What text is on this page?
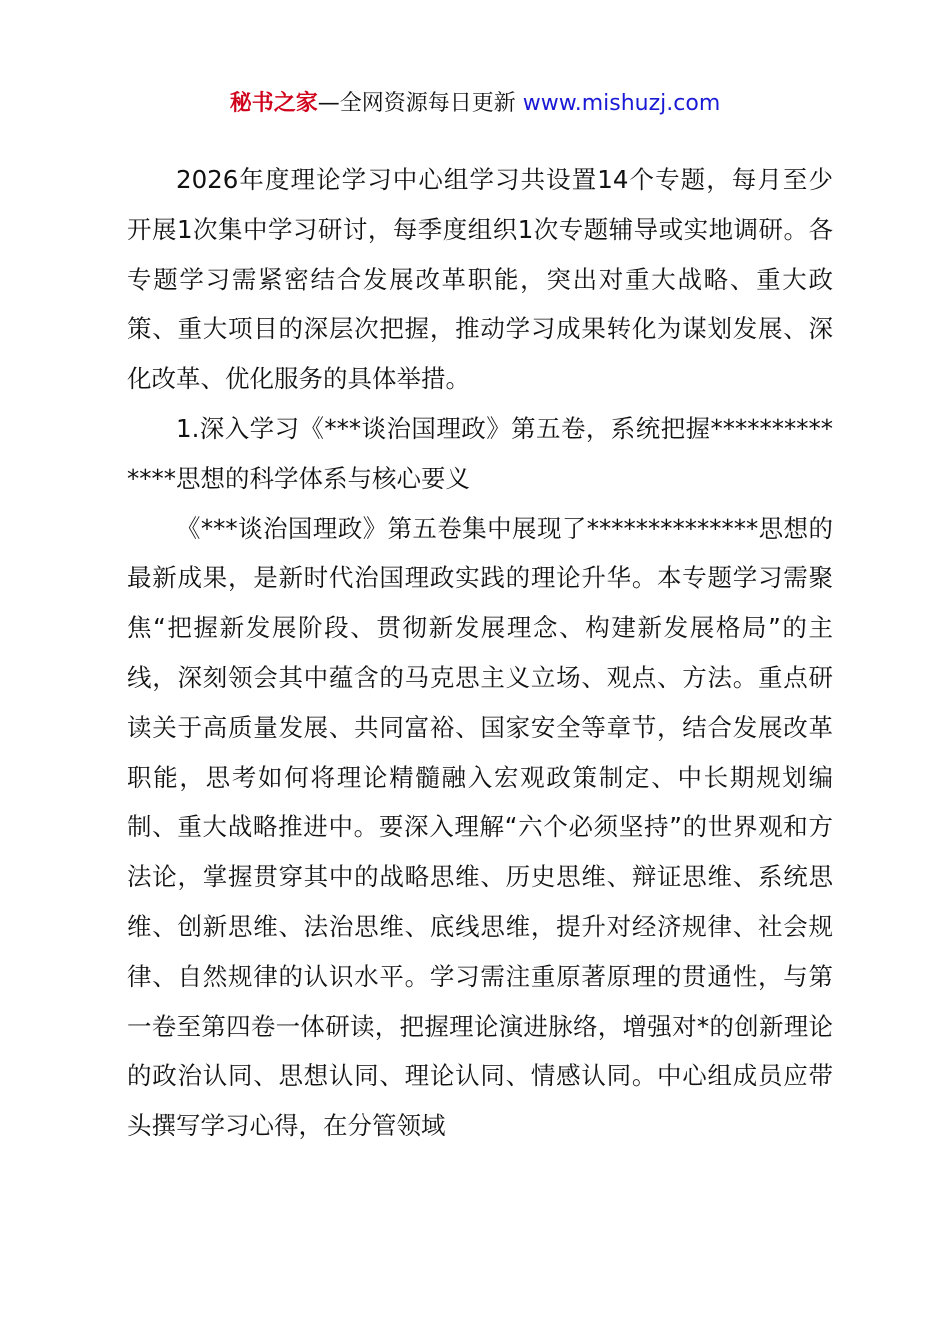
秘书之家—全网资源每日更新 www.mishuzj.com

2026年度理论学习中心组学习共设置14个专题，每月至少开展1次集中学习研讨，每季度组织1次专题辅导或实地调研。各专题学习需紧密结合发展改革职能，突出对重大战略、重大政策、重大项目的深层次把握，推动学习成果转化为谋划发展、深化改革、优化服务的具体举措。

1.深入学习《***谈治国理政》第五卷，系统把握**************思想的科学体系与核心要义

《***谈治国理政》第五卷集中展现了**************思想的最新成果，是新时代治国理政实践的理论升华。本专题学习需聚焦“把握新发展阶段、贯彻新发展理念、构建新发展格局”的主线，深刻领会其中蕴含的马克思主义立场、观点、方法。重点研读关于高质量发展、共同富裕、国家安全等章节，结合发展改革职能，思考如何将理论精髓融入宏观政策制定、中长期规划编制、重大战略推进中。要深入理解“六个必须坚持”的世界观和方法论，掌握贯穿其中的战略思维、历史思维、辩证思维、系统思维、创新思维、法治思维、底线思维，提升对经济规律、社会规律、自然规律的认识水平。学习需注重原著原理的贯通性，与第一卷至第四卷一体研读，把握理论演进脉络，增强对*的创新理论的政治认同、思想认同、理论认同、情感认同。中心组成员应带头撰写学习心得，在分管领域
